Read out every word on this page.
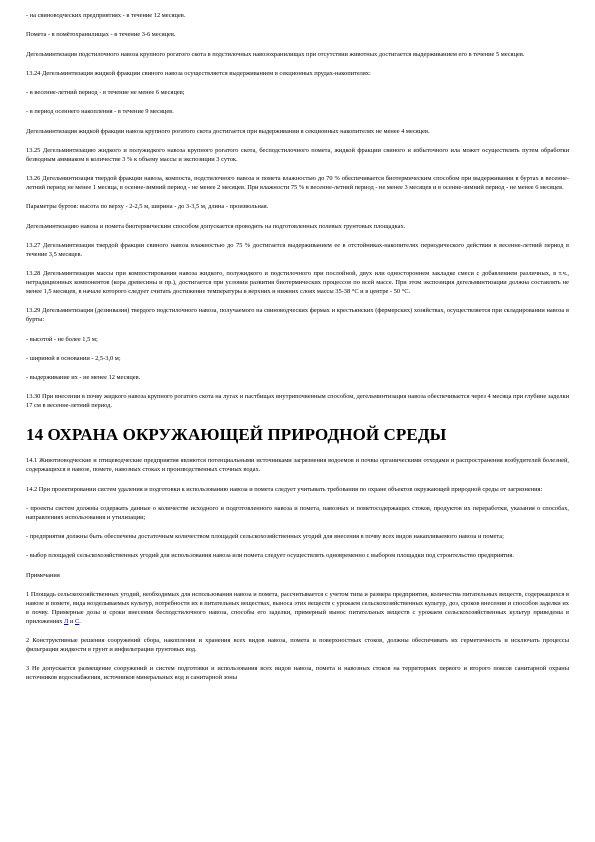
- на свиноводческих предприятиях - в течение 12 месяцев.

Помета - в помётохранилищах - в течение 3-6 месяцев.

Дегельминтизация подстилочного навоза крупного рогатого скота в подстилочных навозохранилищах при отсутствии животных достигается выдерживанием его в течение 5 месяцев.

13.24 Дегельминтизация жидкой фракции свиного навоза осуществляется выдерживанием в секционных прудах-накопителях:

- в весенне-летний период - в течение не менее 6 месяцев;

- в период осеннего накопления - в течение 9 месяцев.

Дегельминтизация жидкой фракции навоза крупного рогатого скота достигается при выдерживании в секционных накопителях не менее 4 месяцев.

13.25 Дегельминтизацию жидкого и полужидкого навоза крупного рогатого скота, бесподстилочного помета, жидкой фракции свиного и избыточного ила может осуществлять путем обработки безводным аммиаком в количестве 3 % к объему массы и экспозиции 3 суток.

13.26 Дегельминтизация твердой фракции навоза, компоста, подстилочного навоза и помета влажностью до 70 % обеспечивается биотермическим способом при выдерживании в буртах в весенне-летний период не менее 1 месяца, в осенне-зимний период - не менее 2 месяцев. При влажности 75 % в весенне-летний период - не менее 3 месяцев и в осенне-зимний период - не менее 6 месяцев.

Параметры буртов: высота по верху - 2-2,5 м, ширина - до 3-3,5 м, длина - произвольная.

Дегельминтизацию навоза и помета биотермическим способом допускается проводить на подготовленных полевых грунтовых площадках.

13.27 Дегельминтизация твердой фракции свиного навоза влажностью до 75 % достигается выдерживанием ее в отстойниках-накопителях периодического действия в весенне-летний период в течение 3,5 месяцев.

13.28 Дегельминтизация массы при компостировании навоза жидкого, полужидкого и подстилочного при послойной, двух или одностороннем закладке смеси с добавлением различных, в т.ч., нетрадиционных компонентов (кора древесины и пр.), достигается при условии развития биотермических процессов по всей массе. При этом экспозиция дегельминтизации должна составлять не менее 1,5 месяцев, в начале которого следует считать достижение температуры в верхних и нижних слоях массы 35-38 °С и в центре - 50 °С.

13.29 Дегельминтизация (дезинвазия) твердого подстилочного навоза, получаемого на свиноводческих фермах и крестьянских (фермерских) хозяйствах, осуществляется при складировании навоза в бурты:

- высотой - не более 1,5 м;

- шириной в основании - 2,5-3,0 м;

- выдерживание их - не менее 12 месяцев.

13.30 При внесении в почву жидкого навоза крупного рогатого скота на лугах и пастбищах внутрипочвенным способом, дегельминтизация навоза обеспечивается через 4 месяца при глубине заделки 17 см в весенне-летний период.

14 ОХРАНА ОКРУЖАЮЩЕЙ ПРИРОДНОЙ СРЕДЫ

14.1 Животноводческие и птицеводческие предприятия являются потенциальными источниками загрязнения водоемов и почвы органическими отходами и распространения возбудителей болезней, содержащихся в навозе, помете, навозных стоках и производственных сточных водах.

14.2 При проектировании систем удаления и подготовки к использованию навоза и помета следует учитывать требования по охране объектов окружающей природной среды от загрязнения:

- проекты систем должны содержать данные о количестве исходного и подготовленного навоза и помета, навозных и пометосодержащих стоков, продуктов их переработки, указания о способах, направлениях использования и утилизации;

- предприятия должны быть обеспечены достаточным количеством площадей сельскохозяйственных угодий для внесения в почву всех видов накапливаемого навоза и помета;

- выбор площадей сельскохозяйственных угодий для использования навоза или помета следует осуществлять одновременно с выбором площадки под строительство предприятия.

Примечания

1 Площадь сельскохозяйственных угодий, необходимых для использования навоза и помета, рассчитывается с учетом типа и размера предприятия, количества питательных веществ, содержащихся в навозе и помете, вида возделываемых культур, потребности их в питательных веществах, выноса этих веществ с урожаем сельскохозяйственных культур, доз, сроков внесения и способов заделки их в почву. Примерные дозы и сроки внесения бесподстилочного навоза, способы его заделки, примерный вынос питательных веществ с урожаем сельскохозяйственных культур приведены в приложениях Л и С.

2 Конструктивные решения сооружений сбора, накопления и хранения всех видов навоза, помета и поверхностных стоков, должны обеспечивать их герметичность и исключать процессы фильтрации жидкости в грунт и инфильтрации грунтовых вод.

3 Не допускается размещение сооружений и систем подготовки и использования всех видов навоза, помета и навозных стоков на территориях первого и второго поясов санитарной охраны источников водоснабжения, источников минеральных вод и санитарной зоны
